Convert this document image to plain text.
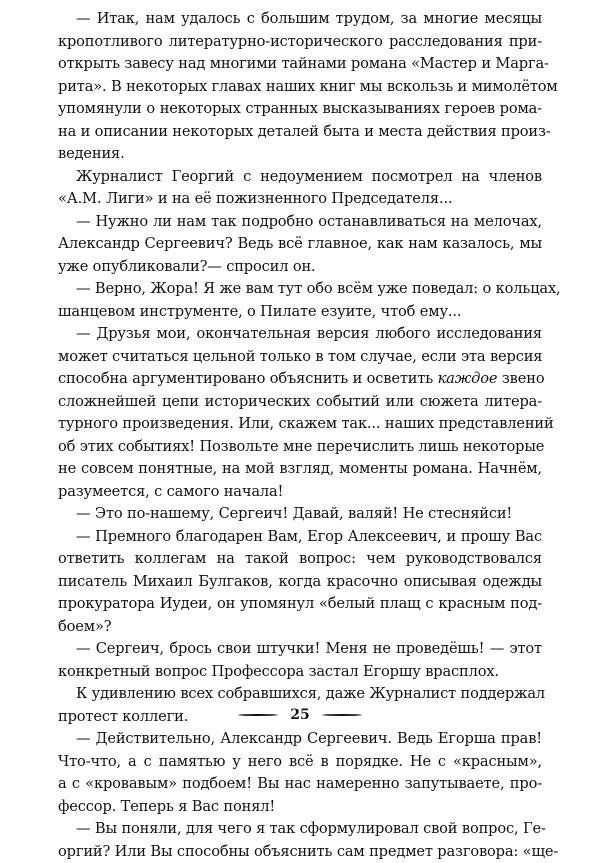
— Итак, нам удалось с большим трудом, за многие месяцы
кропотливого литературно-исторического расследования при-
открыть завесу над многими тайнами романа «Мастер и Марга-
рита». В некоторых главах наших книг мы вскользь и мимолётом
упомянули о некоторых странных высказываниях героев рома-
на и описании некоторых деталей быта и места действия произ-
ведения.
Журналист Георгий с недоумением посмотрел на членов
«А.М. Лиги» и на её пожизненного Председателя...
— Нужно ли нам так подробно останавливаться на мелочах,
Александр Сергеевич? Ведь всё главное, как нам казалось, мы
уже опубликовали?— спросил он.
— Верно, Жора! Я же вам тут обо всём уже поведал: о кольцах,
шанцевом инструменте, о Пилате езуите, чтоб ему...
— Друзья мои, окончательная версия любого исследования
может считаться цельной только в том случае, если эта версия
способна аргументировано объяснить и осветить каждое звено
сложнейшей цепи исторических событий или сюжета литера-
турного произведения. Или, скажем так... наших представлений
об этих событиях! Позвольте мне перечислить лишь некоторые
не совсем понятные, на мой взгляд, моменты романа. Начнём,
разумеется, с самого начала!
— Это по-нашему, Сергеич! Давай, валяй! Не стесняйси!
— Премного благодарен Вам, Егор Алексеевич, и прошу Вас
ответить коллегам на такой вопрос: чем руководствовался
писатель Михаил Булгаков, когда красочно описывая одежды
прокуратора Иудеи, он упомянул «белый плащ с красным под-
боем»?
— Сергеич, брось свои штучки! Меня не проведёшь! — этот
конкретный вопрос Профессора застал Егоршу врасплох.
К удивлению всех собравшихся, даже Журналист поддержал
протест коллеги.
— Действительно, Александр Сергеевич. Ведь Егорша прав!
Что-что, а с памятью у него всё в порядке. Не с «красным»,
а с «кровавым» подбоем! Вы нас намеренно запутываете, про-
фессор. Теперь я Вас понял!
— Вы поняли, для чего я так сформулировал свой вопрос, Ге-
оргий? Или Вы способны объяснить сам предмет разговора: «ще-
25
